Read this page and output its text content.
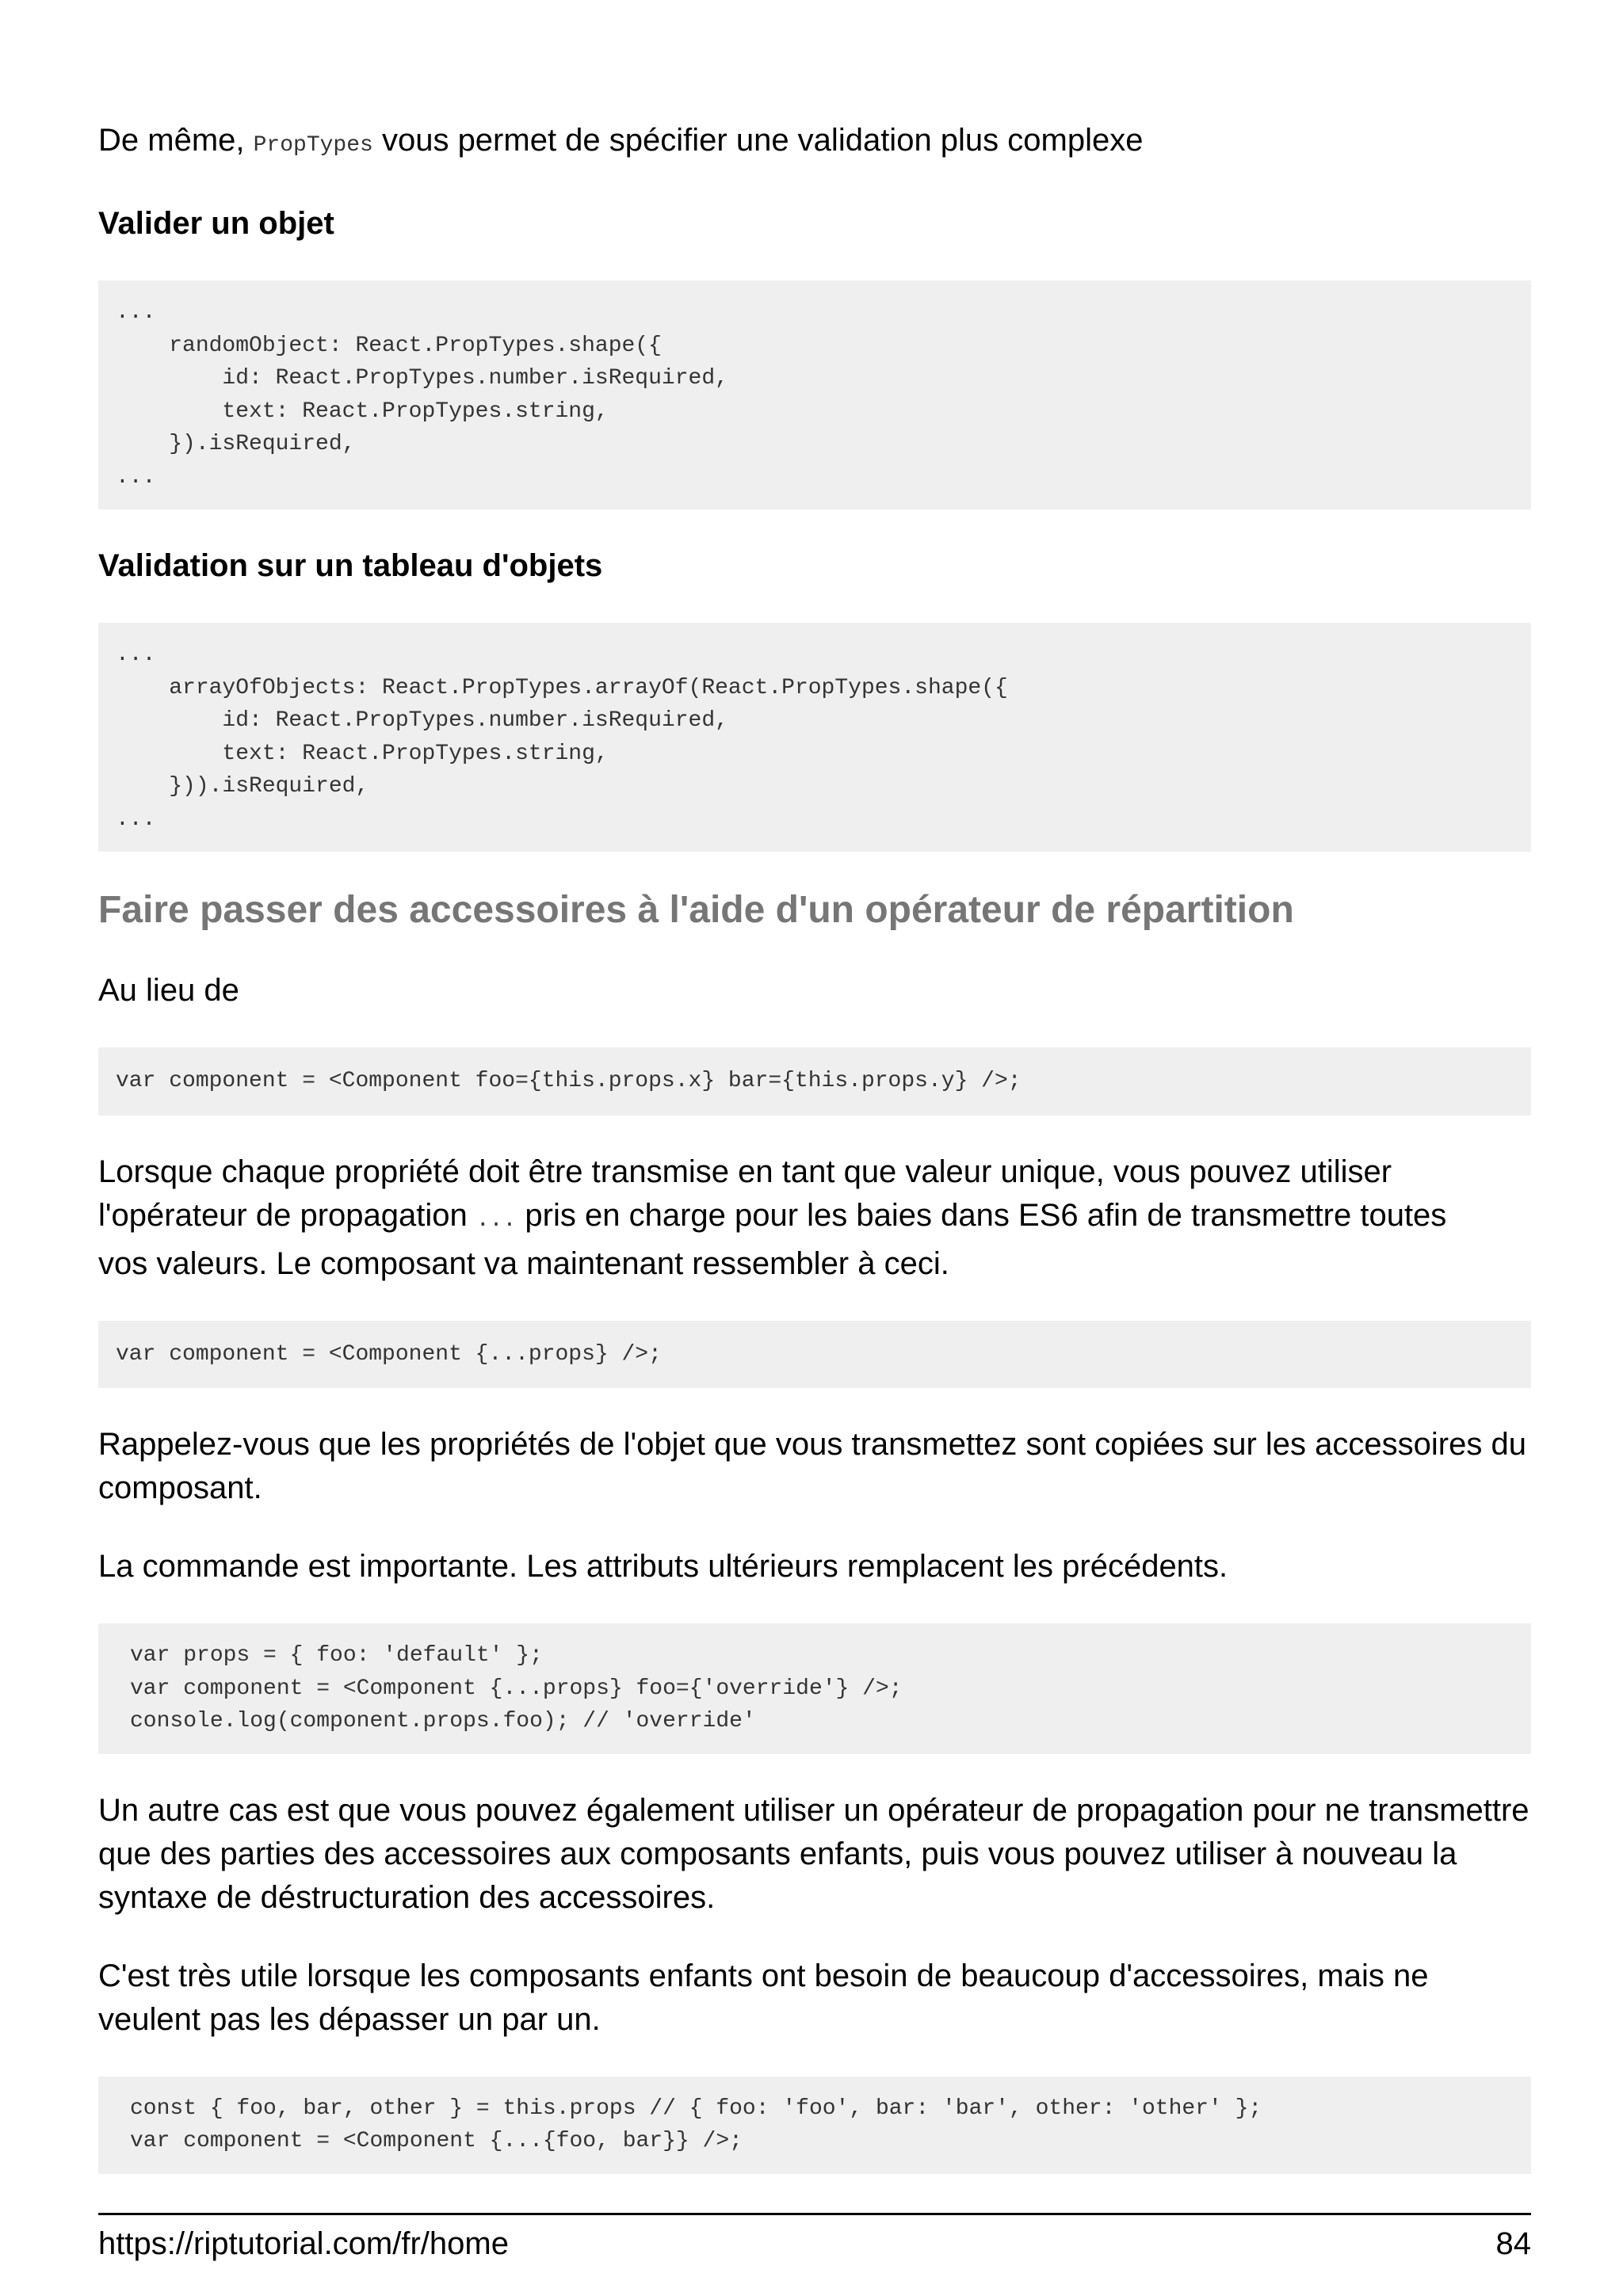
De même, PropTypes vous permet de spécifier une validation plus complexe

Valider un objet
...
randomObject: React.PropTypes.shape({
id: React.PropTypes.number.isRequired,
text: React.PropTypes.string,
}).isRequired,
...
Validation sur un tableau d'objets
...
arrayOfObjects: React.PropTypes.arrayOf(React.PropTypes.shape({
id: React.PropTypes.number.isRequired,
text: React.PropTypes.string,
})).isRequired,
...
Faire passer des accessoires à l'aide d'un opérateur de répartition

Au lieu de

var component = <Component foo={this.props.x} bar={this.props.y} />;

Lorsque chaque propriété doit être transmise en tant que valeur unique, vous pouvez utiliser
l'opérateur de propagation ... pris en charge pour les baies dans ES6 afin de transmettre toutes
vos valeurs. Le composant va maintenant ressembler à ceci.

var component = <Component {...props} />;

Rappelez-vous que les propriétés de l'objet que vous transmettez sont copiées sur les accessoires du composant.

La commande est importante. Les attributs ultérieurs remplacent les précédents.

var props = { foo: 'default' };
var component = <Component {...props} foo={'override'} />;
console.log(component.props.foo); // 'override'

Un autre cas est que vous pouvez également utiliser un opérateur de propagation pour ne transmettre que des parties des accessoires aux composants enfants, puis vous pouvez utiliser à nouveau la syntaxe de déstructuration des accessoires.

C'est très utile lorsque les composants enfants ont besoin de beaucoup d'accessoires, mais ne veulent pas les dépasser un par un.

const { foo, bar, other } = this.props // { foo: 'foo', bar: 'bar', other: 'other' };
var component = <Component {...{foo, bar}} />;
https://riptutorial.com/fr/home	84
